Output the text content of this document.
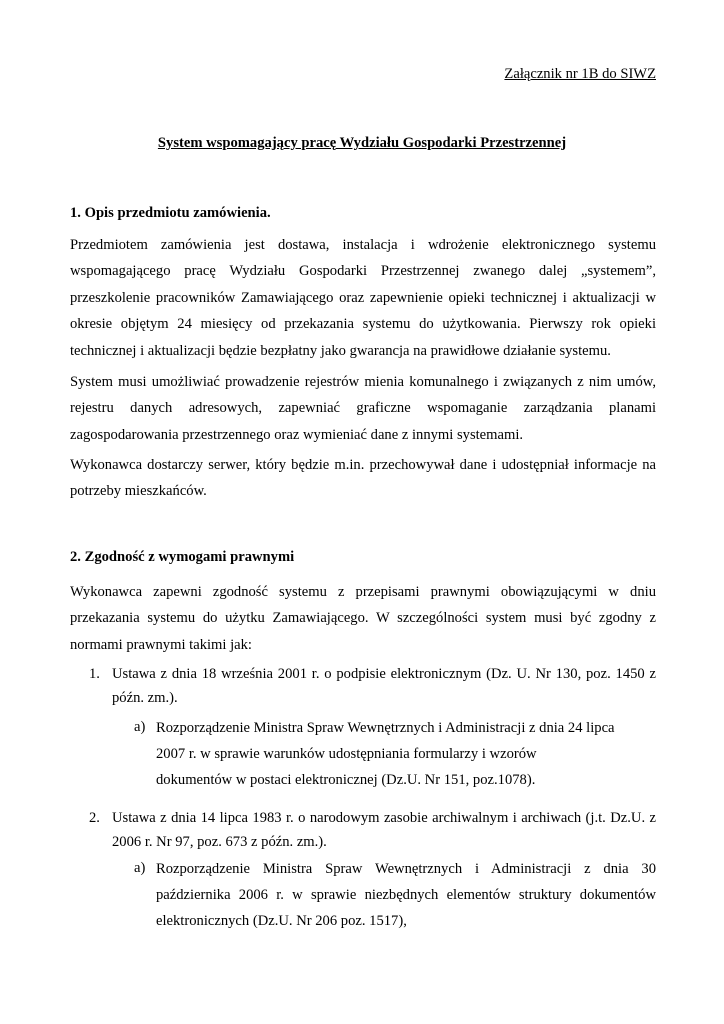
Załącznik nr 1B do SIWZ
System wspomagający pracę Wydziału Gospodarki Przestrzennej
1. Opis przedmiotu zamówienia.
Przedmiotem zamówienia jest dostawa, instalacja i wdrożenie elektronicznego systemu wspomagającego pracę Wydziału Gospodarki Przestrzennej zwanego dalej „systemem”, przeszkolenie pracowników Zamawiającego oraz zapewnienie opieki technicznej i aktualizacji w okresie objętym 24 miesięcy od przekazania systemu do użytkowania. Pierwszy rok opieki technicznej i aktualizacji będzie bezpłatny jako gwarancja na prawidłowe działanie systemu.
System musi umożliwiać prowadzenie rejestrów mienia komunalnego i związanych z nim umów, rejestru danych adresowych, zapewniać graficzne wspomaganie zarządzania planami zagospodarowania przestrzennego oraz wymieniać dane z innymi systemami.
Wykonawca dostarczy serwer, który będzie m.in. przechowywał dane i udostępniał informacje na potrzeby mieszkańców.
2. Zgodność z wymogami prawnymi
Wykonawca zapewni zgodność systemu z przepisami prawnymi obowiązującymi w dniu przekazania systemu do użytku Zamawiającego. W szczególności system musi być zgodny z normami prawnymi takimi jak:
1. Ustawa z dnia 18 września 2001 r. o podpisie elektronicznym (Dz. U. Nr 130, poz. 1450 z późn. zm.).
a) Rozporządzenie Ministra Spraw Wewnętrznych i Administracji z dnia 24 lipca
2007 r. w sprawie warunków udostępniania formularzy i wzorów
dokumentów w postaci elektronicznej (Dz.U. Nr 151, poz.1078).
2. Ustawa z dnia 14 lipca 1983 r. o narodowym zasobie archiwalnym i archiwach (j.t. Dz.U. z 2006 r. Nr 97, poz. 673 z późn. zm.).
a) Rozporządzenie Ministra Spraw Wewnętrznych i Administracji z dnia 30 października 2006 r. w sprawie niezbędnych elementów struktury dokumentów elektronicznych (Dz.U. Nr 206 poz. 1517),
